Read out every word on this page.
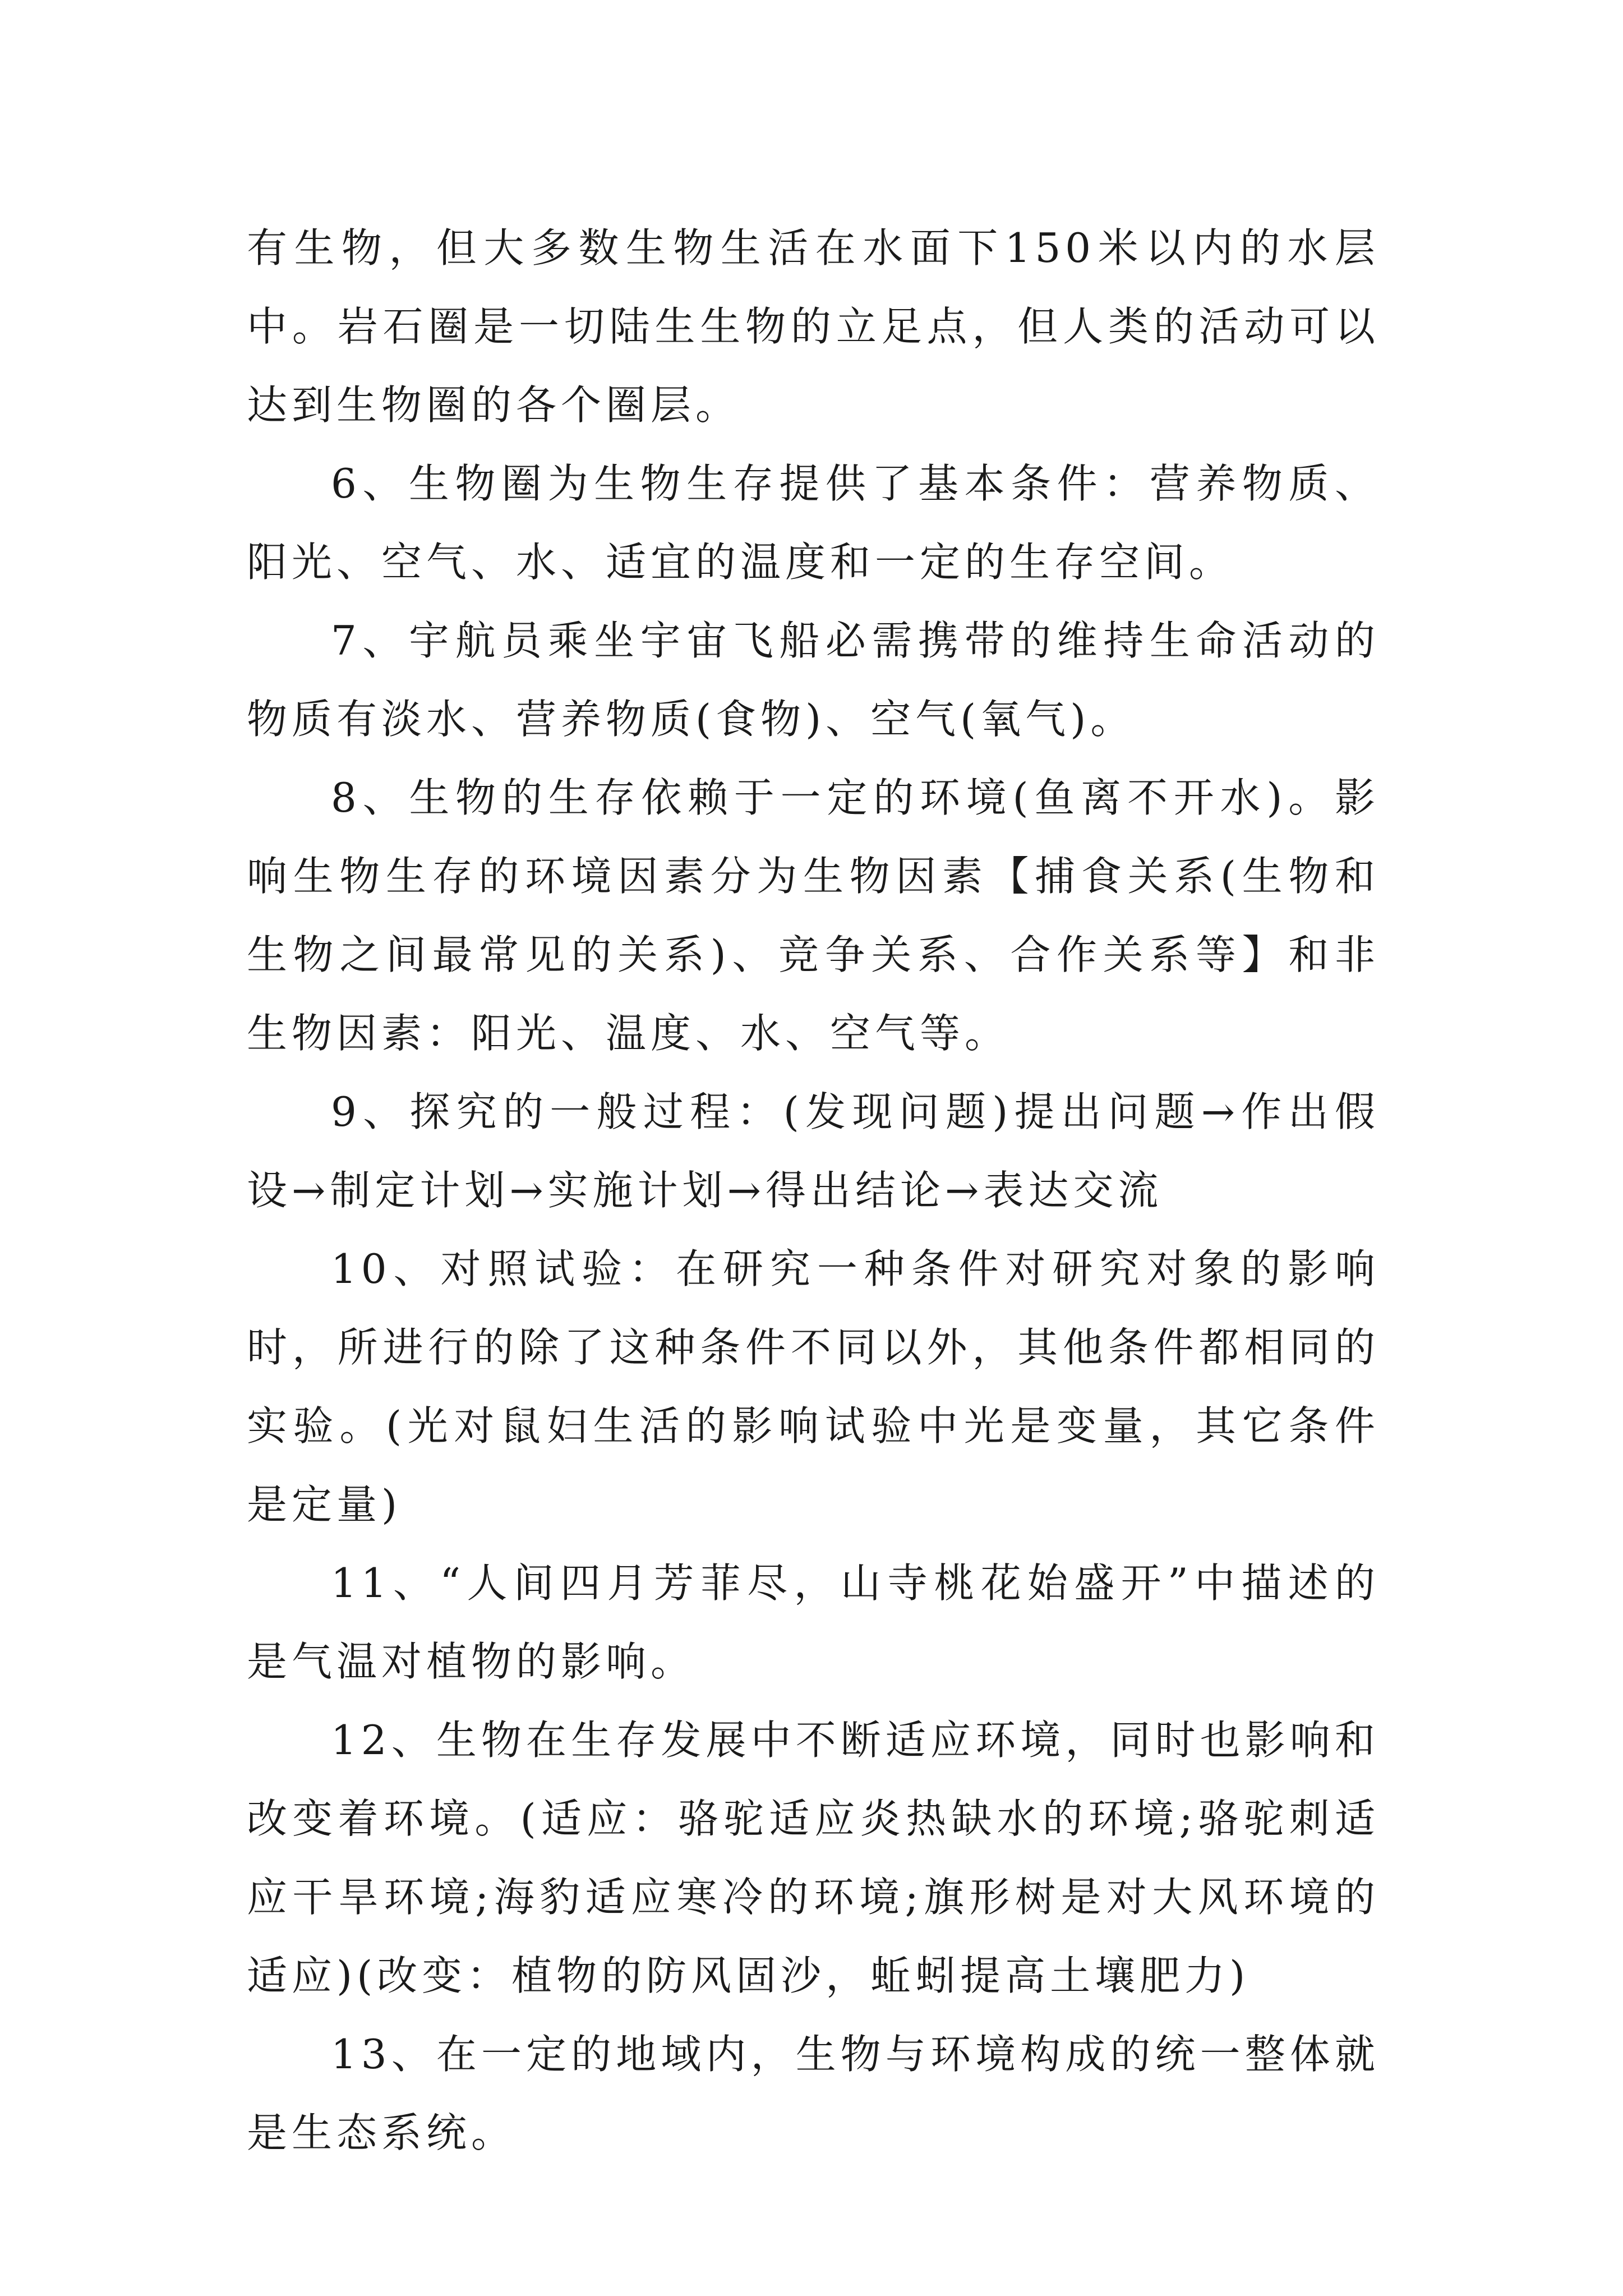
有生物，但大多数生物生活在水面下150米以内的水层中。岩石圈是一切陆生生物的立足点，但人类的活动可以达到生物圈的各个圈层。

6、生物圈为生物生存提供了基本条件：营养物质、阳光、空气、水、适宜的温度和一定的生存空间。

7、宇航员乘坐宇宙飞船必需携带的维持生命活动的物质有淡水、营养物质(食物)、空气(氧气)。

8、生物的生存依赖于一定的环境(鱼离不开水)。影响生物生存的环境因素分为生物因素【捕食关系(生物和生物之间最常见的关系)、竞争关系、合作关系等】和非生物因素：阳光、温度、水、空气等。

9、探究的一般过程：(发现问题)提出问题→作出假设→制定计划→实施计划→得出结论→表达交流

10、对照试验：在研究一种条件对研究对象的影响时，所进行的除了这种条件不同以外，其他条件都相同的实验。(光对鼠妇生活的影响试验中光是变量，其它条件是定量)

11、“人间四月芳菲尽，山寺桃花始盛开”中描述的是气温对植物的影响。

12、生物在生存发展中不断适应环境，同时也影响和改变着环境。(适应：骆驼适应炎热缺水的环境;骆驼刺适应干旱环境;海豹适应寒冷的环境;旗形树是对大风环境的适应)(改变：植物的防风固沙，蚯蚓提高土壤肥力)

13、在一定的地域内，生物与环境构成的统一整体就是生态系统。
